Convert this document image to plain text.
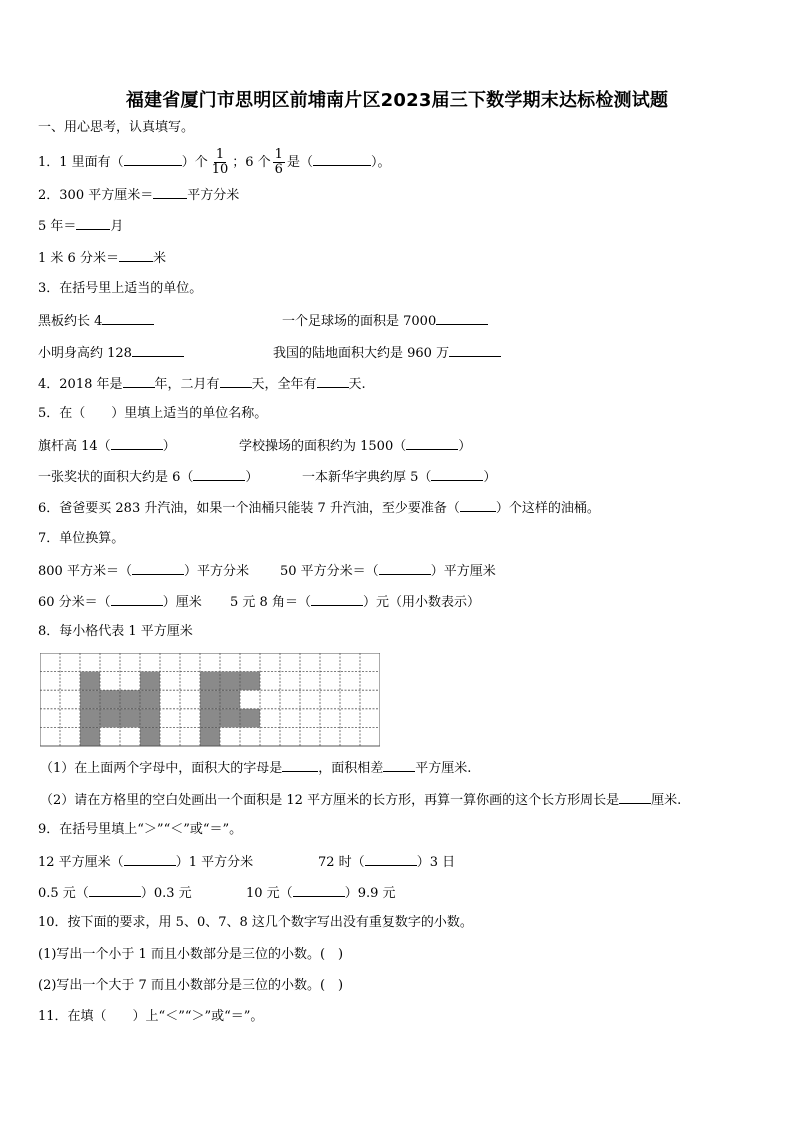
福建省厦门市思明区前埔南片区2023届三下数学期末达标检测试题
一、用心思考，认真填写。
1．1 里面有（	）个 $\frac{1}{10}$ ；6 个 $\frac{1}{6}$ 是（	）。
2．300 平方厘米＝	平方分米
5 年＝	月
1 米 6 分米＝	米
3．在括号里上适当的单位。
黑板约长 4	一个足球场的面积是 7000
小明身高约 128	我国的陆地面积大约是 960 万
4．2018 年是 年，二月有 天，全年有 天.
5．在（　　）里填上适当的单位名称。
旗杆高 14（	）	学校操场的面积约为 1500（	）
一张奖状的面积大约是 6（	）	一本新华字典约厚 5（	）
6．爸爸要买 283 升汽油，如果一个油桶只能装 7 升汽油，至少要准备（	）个这样的油桶。
7．单位换算。
800 平方米＝（	）平方分米 50 平方分米＝（	）平方厘米
60 分米＝（	）厘米 5 元 8 角＝（	）元（用小数表示）
8．每小格代表 1 平方厘米
（1）在上面两个字母中，面积大的字母是	，面积相差 平方厘米.
（2）请在方格里的空白处画出一个面积是 12 平方厘米的长方形，再算一算你画的这个长方形周长是 厘米.
9．在括号里填上“＞”“＜”或“＝”。
12 平方厘米（	）1 平方分米	72 时（	）3 日
0.5 元（	）0.3 元	10 元（	）9.9 元
10．按下面的要求，用 5、0、7、8 这几个数字写出没有重复数字的小数。
(1)写出一个小于 1 而且小数部分是三位的小数。(　)
(2)写出一个大于 7 而且小数部分是三位的小数。(　)
11．在填（　　）上“＜”“＞”或“＝”。
